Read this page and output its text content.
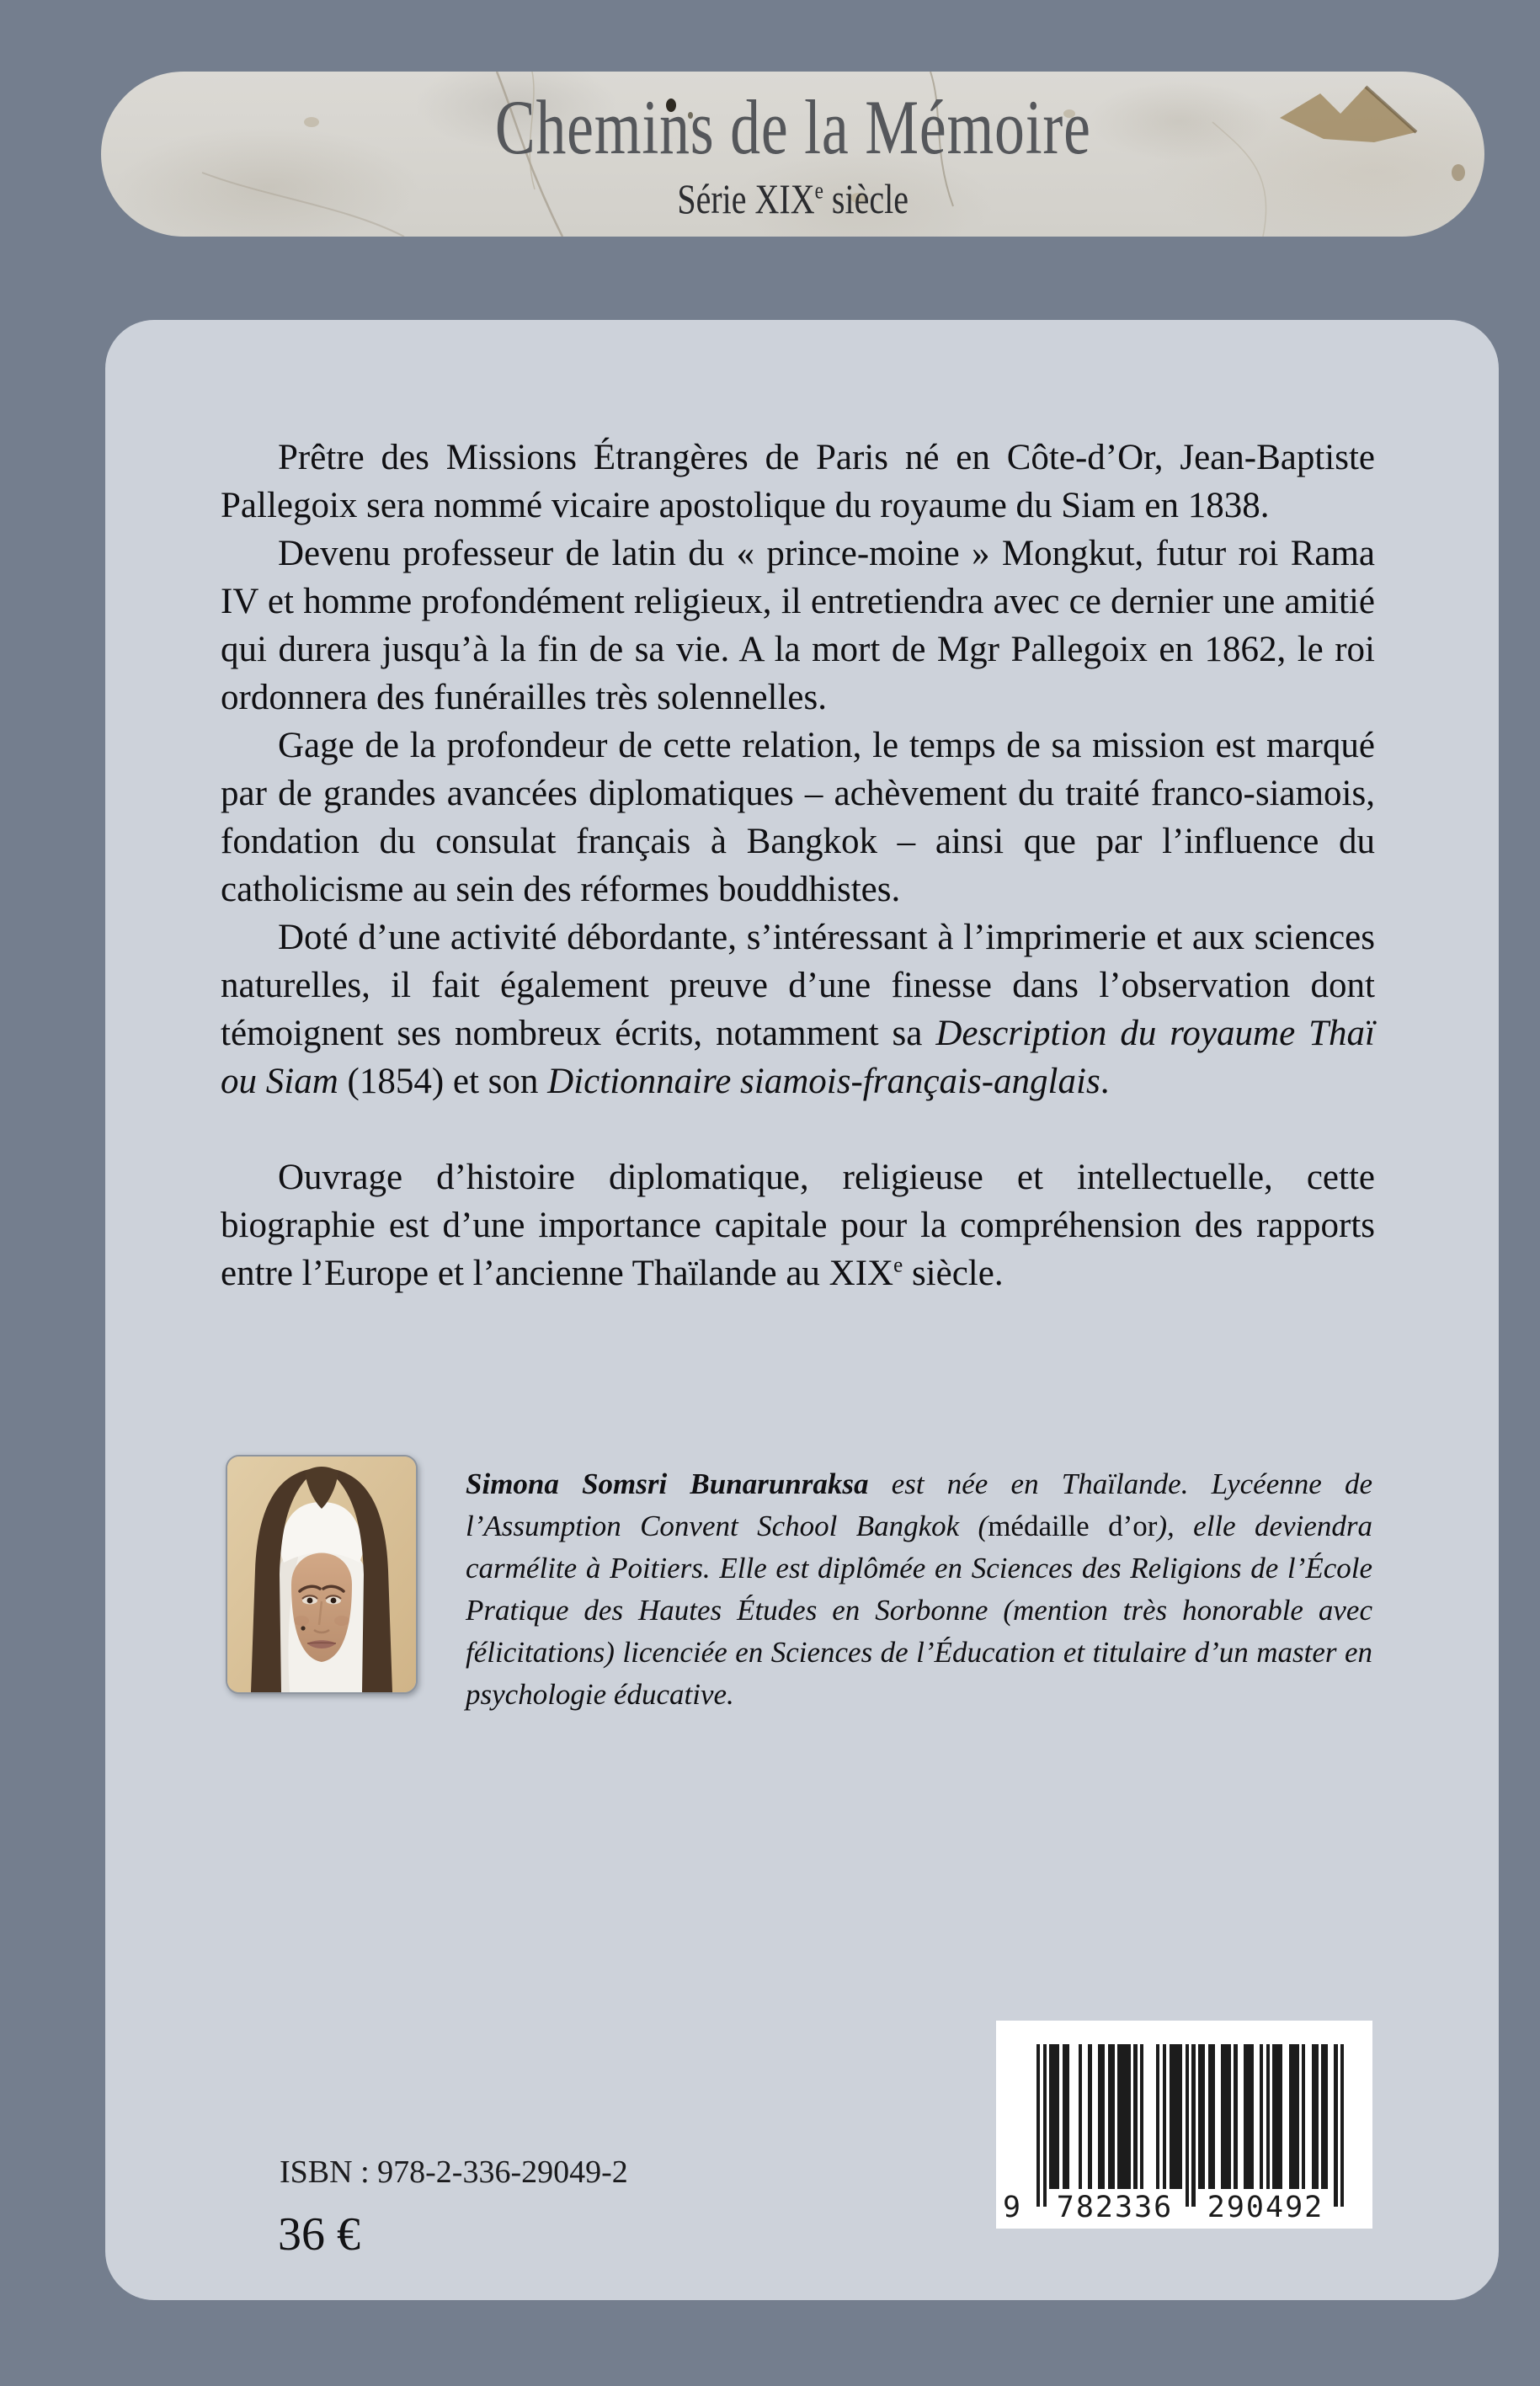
Chemins de la Mémoire
Série XIXe siècle

Prêtre des Missions Étrangères de Paris né en Côte-d’Or, Jean-Baptiste Pallegoix sera nommé vicaire apostolique du royaume du Siam en 1838.

Devenu professeur de latin du « prince-moine » Mongkut, futur roi Rama IV et homme profondément religieux, il entretiendra avec ce dernier une amitié qui durera jusqu’à la fin de sa vie. A la mort de Mgr Pallegoix en 1862, le roi ordonnera des funérailles très solennelles.

Gage de la profondeur de cette relation, le temps de sa mission est marqué par de grandes avancées diplomatiques – achèvement du traité franco-siamois, fondation du consulat français à Bangkok – ainsi que par l’influence du catholicisme au sein des réformes bouddhistes.

Doté d’une activité débordante, s’intéressant à l’imprimerie et aux sciences naturelles, il fait également preuve d’une finesse dans l’observation dont témoignent ses nombreux écrits, notamment sa Description du royaume Thaï ou Siam (1854) et son Dictionnaire siamois-français-anglais.

Ouvrage d’histoire diplomatique, religieuse et intellectuelle, cette biographie est d’une importance capitale pour la compréhension des rapports entre l’Europe et l’ancienne Thaïlande au XIXe siècle.

Simona Somsri Bunarunraksa est née en Thaïlande. Lycéenne de l’Assumption Convent School Bangkok (médaille d’or), elle deviendra carmélite à Poitiers. Elle est diplômée en Sciences des Religions de l’École Pratique des Hautes Études en Sorbonne (mention très honorable avec félicitations) licenciée en Sciences de l’Éducation et titulaire d’un master en psychologie éducative.
ISBN : 978-2-336-29049-2
36 €
9	782336 290492
